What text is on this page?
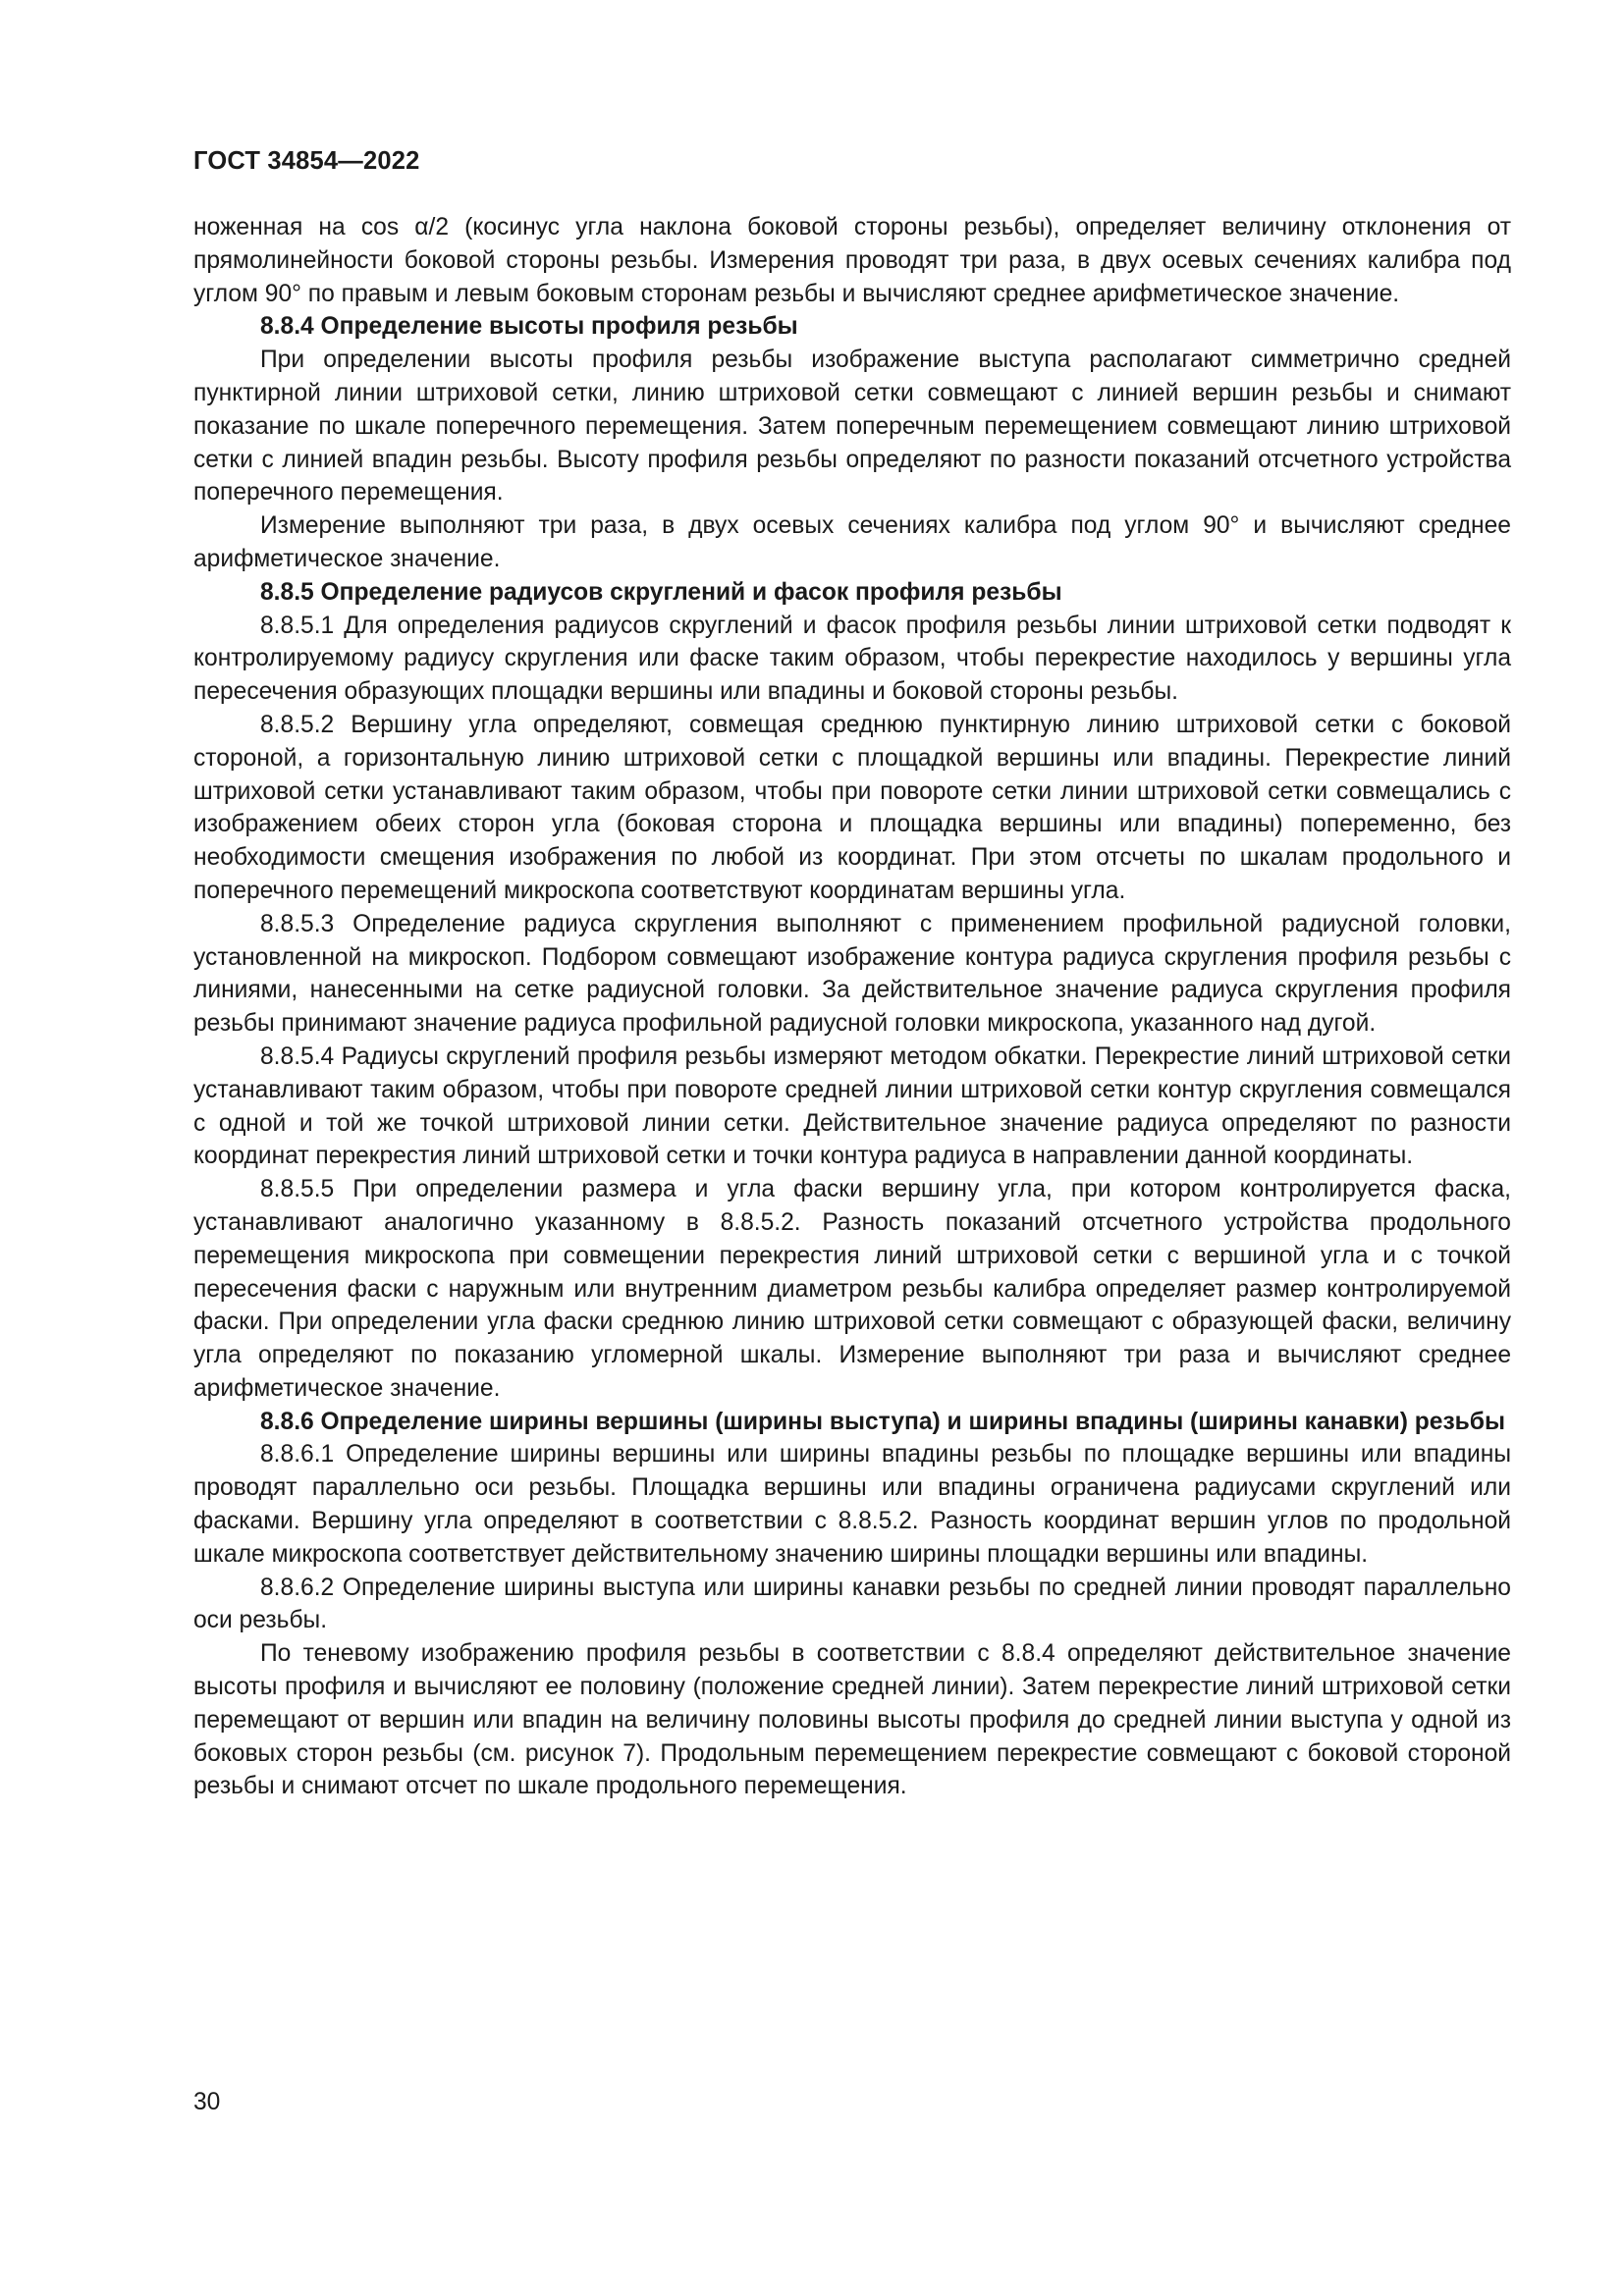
ГОСТ 34854—2022

ноженная на cos α/2 (косинус угла наклона боковой стороны резьбы), определяет величину отклонения от прямолинейности боковой стороны резьбы. Измерения проводят три раза, в двух осевых сечениях калибра под углом 90° по правым и левым боковым сторонам резьбы и вычисляют среднее арифметическое значение.

8.8.4 Определение высоты профиля резьбы

При определении высоты профиля резьбы изображение выступа располагают симметрично средней пунктирной линии штриховой сетки, линию штриховой сетки совмещают с линией вершин резьбы и снимают показание по шкале поперечного перемещения. Затем поперечным перемещением совмещают линию штриховой сетки с линией впадин резьбы. Высоту профиля резьбы определяют по разности показаний отсчетного устройства поперечного перемещения.

Измерение выполняют три раза, в двух осевых сечениях калибра под углом 90° и вычисляют среднее арифметическое значение.

8.8.5 Определение радиусов скруглений и фасок профиля резьбы

8.8.5.1 Для определения радиусов скруглений и фасок профиля резьбы линии штриховой сетки подводят к контролируемому радиусу скругления или фаске таким образом, чтобы перекрестие находилось у вершины угла пересечения образующих площадки вершины или впадины и боковой стороны резьбы.

8.8.5.2 Вершину угла определяют, совмещая среднюю пунктирную линию штриховой сетки с боковой стороной, а горизонтальную линию штриховой сетки с площадкой вершины или впадины. Перекрестие линий штриховой сетки устанавливают таким образом, чтобы при повороте сетки линии штриховой сетки совмещались с изображением обеих сторон угла (боковая сторона и площадка вершины или впадины) попеременно, без необходимости смещения изображения по любой из координат. При этом отсчеты по шкалам продольного и поперечного перемещений микроскопа соответствуют координатам вершины угла.

8.8.5.3 Определение радиуса скругления выполняют с применением профильной радиусной головки, установленной на микроскоп. Подбором совмещают изображение контура радиуса скругления профиля резьбы с линиями, нанесенными на сетке радиусной головки. За действительное значение радиуса скругления профиля резьбы принимают значение радиуса профильной радиусной головки микроскопа, указанного над дугой.

8.8.5.4 Радиусы скруглений профиля резьбы измеряют методом обкатки. Перекрестие линий штриховой сетки устанавливают таким образом, чтобы при повороте средней линии штриховой сетки контур скругления совмещался с одной и той же точкой штриховой линии сетки. Действительное значение радиуса определяют по разности координат перекрестия линий штриховой сетки и точки контура радиуса в направлении данной координаты.

8.8.5.5 При определении размера и угла фаски вершину угла, при котором контролируется фаска, устанавливают аналогично указанному в 8.8.5.2. Разность показаний отсчетного устройства продольного перемещения микроскопа при совмещении перекрестия линий штриховой сетки с вершиной угла и с точкой пересечения фаски с наружным или внутренним диаметром резьбы калибра определяет размер контролируемой фаски. При определении угла фаски среднюю линию штриховой сетки совмещают с образующей фаски, величину угла определяют по показанию угломерной шкалы. Измерение выполняют три раза и вычисляют среднее арифметическое значение.

8.8.6 Определение ширины вершины (ширины выступа) и ширины впадины (ширины канавки) резьбы

8.8.6.1 Определение ширины вершины или ширины впадины резьбы по площадке вершины или впадины проводят параллельно оси резьбы. Площадка вершины или впадины ограничена радиусами скруглений или фасками. Вершину угла определяют в соответствии с 8.8.5.2. Разность координат вершин углов по продольной шкале микроскопа соответствует действительному значению ширины площадки вершины или впадины.

8.8.6.2 Определение ширины выступа или ширины канавки резьбы по средней линии проводят параллельно оси резьбы.

По теневому изображению профиля резьбы в соответствии с 8.8.4 определяют действительное значение высоты профиля и вычисляют ее половину (положение средней линии). Затем перекрестие линий штриховой сетки перемещают от вершин или впадин на величину половины высоты профиля до средней линии выступа у одной из боковых сторон резьбы (см. рисунок 7). Продольным перемещением перекрестие совмещают с боковой стороной резьбы и снимают отсчет по шкале продольного перемещения.

30
